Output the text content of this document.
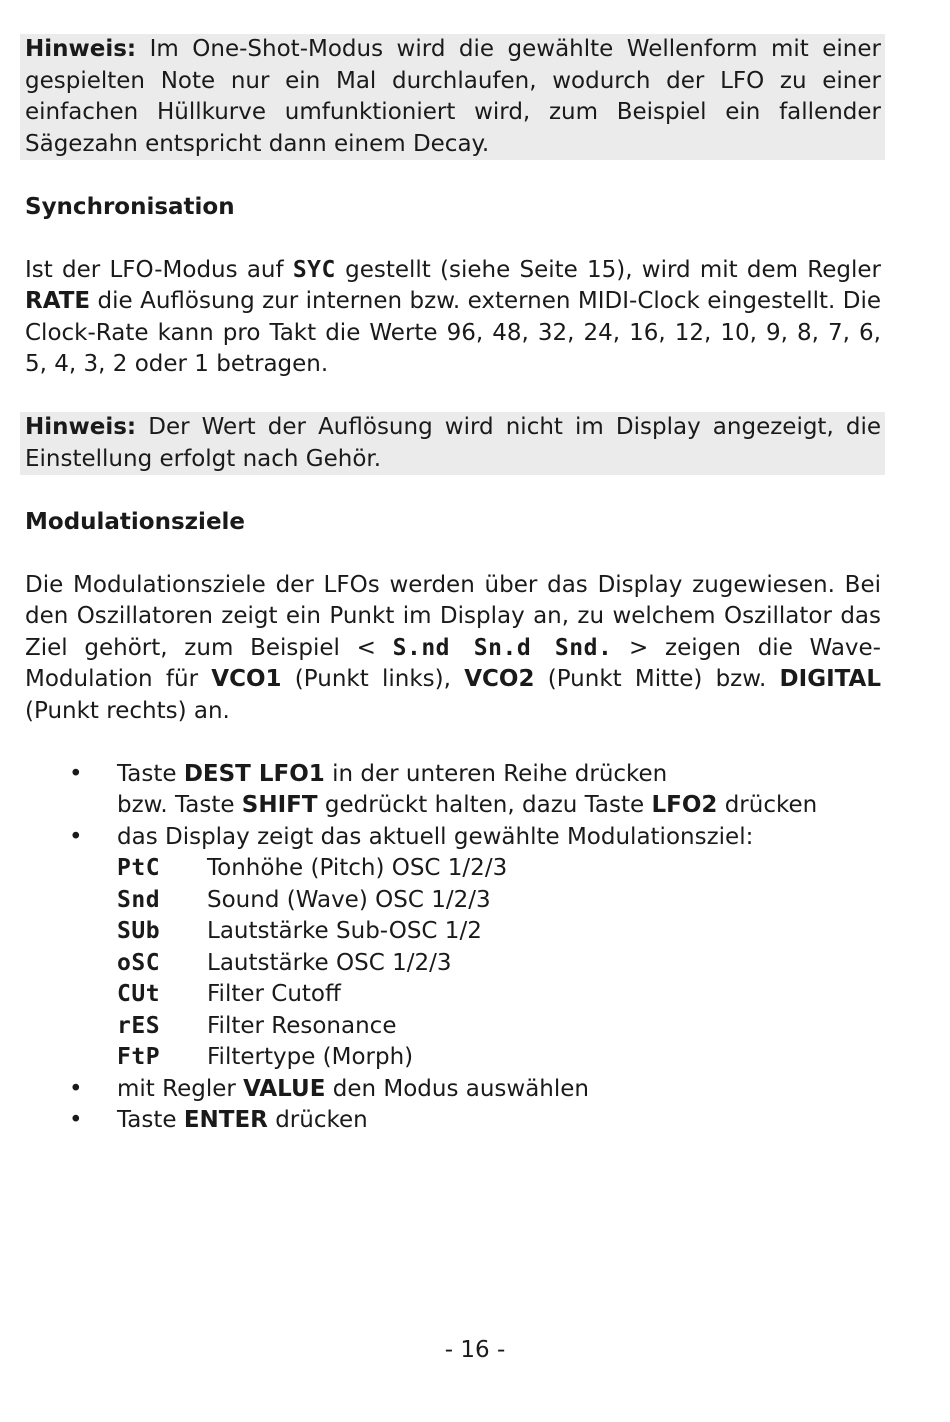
Hinweis: Im One-Shot-Modus wird die gewählte Wellenform mit einer gespielten Note nur ein Mal durchlaufen, wodurch der LFO zu einer einfachen Hüllkurve umfunktioniert wird, zum Beispiel ein fallender Sägezahn entspricht dann einem Decay.

Synchronisation

Ist der LFO-Modus auf SYC gestellt (siehe Seite 15), wird mit dem Regler RATE die Auflösung zur internen bzw. externen MIDI-Clock eingestellt. Die Clock-Rate kann pro Takt die Werte 96, 48, 32, 24, 16, 12, 10, 9, 8, 7, 6, 5, 4, 3, 2 oder 1 betragen.

Hinweis: Der Wert der Auflösung wird nicht im Display angezeigt, die Einstellung erfolgt nach Gehör.

Modulationsziele

Die Modulationsziele der LFOs werden über das Display zugewiesen. Bei den Oszillatoren zeigt ein Punkt im Display an, zu welchem Oszillator das Ziel gehört, zum Beispiel < S.nd Sn.d Snd. > zeigen die Wave-Modulation für VCO1 (Punkt links), VCO2 (Punkt Mitte) bzw. DIGITAL (Punkt rechts) an.

• Taste DEST LFO1 in der unteren Reihe drücken
bzw. Taste SHIFT gedrückt halten, dazu Taste LFO2 drücken
• das Display zeigt das aktuell gewählte Modulationsziel:
PtC	Tonhöhe (Pitch) OSC 1/2/3
Snd	Sound (Wave) OSC 1/2/3
SUb	Lautstärke Sub-OSC 1/2
oSC	Lautstärke OSC 1/2/3
CUt	Filter Cutoff
rES	Filter Resonance
FtP	Filtertype (Morph)
• mit Regler VALUE den Modus auswählen
• Taste ENTER drücken
- 16 -
